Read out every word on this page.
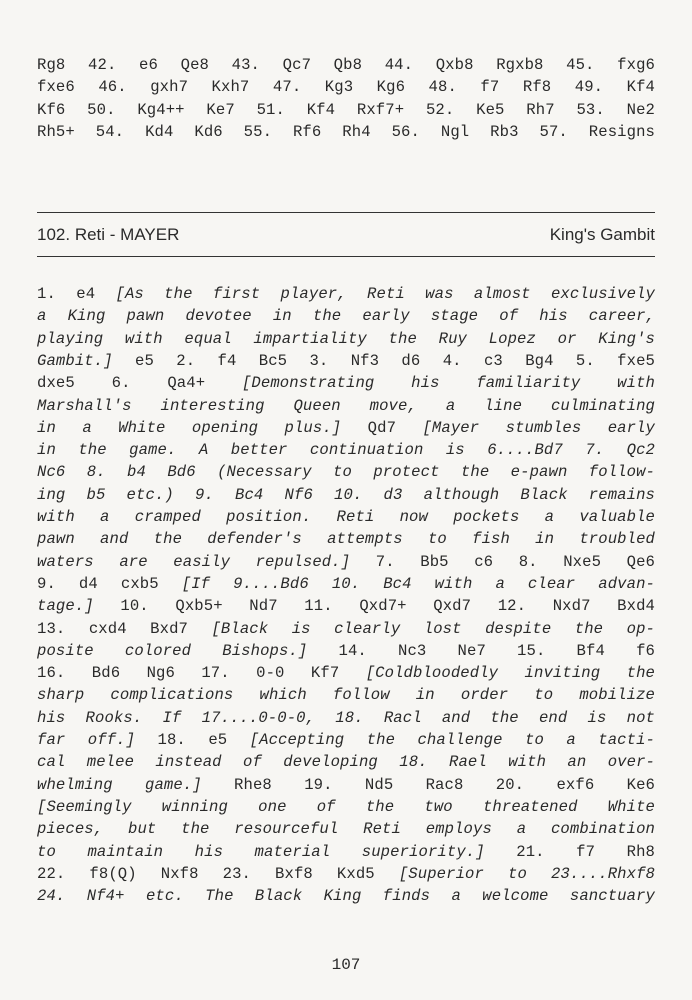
Rg8 42. e6 Qe8 43. Qc7 Qb8 44. Qxb8 Rgxb8 45. fxg6
fxe6 46. gxh7 Kxh7 47. Kg3 Kg6 48. f7 Rf8 49. Kf4
Kf6 50. Kg4++ Ke7 51. Kf4 Rxf7+ 52. Ke5 Rh7 53. Ne2
Rh5+ 54. Kd4 Kd6 55. Rf6 Rh4 56. Ngl Rb3 57. Resigns
102. Reti - MAYER	King's Gambit
1. e4 [As the first player, Reti was almost exclusively
a King pawn devotee in the early stage of his career,
playing with equal impartiality the Ruy Lopez or King's
Gambit.] e5 2. f4 Bc5 3. Nf3 d6 4. c3 Bg4 5. fxe5
dxe5 6. Qa4+ [Demonstrating his familiarity with
Marshall's interesting Queen move, a line culminating
in a White opening plus.] Qd7 [Mayer stumbles early
in the game. A better continuation is 6....Bd7 7. Qc2
Nc6 8. b4 Bd6 (Necessary to protect the e-pawn follow-
ing b5 etc.) 9. Bc4 Nf6 10. d3 although Black remains
with a cramped position. Reti now pockets a valuable
pawn and the defender's attempts to fish in troubled
waters are easily repulsed.] 7. Bb5 c6 8. Nxe5 Qe6
9. d4 cxb5 [If 9....Bd6 10. Bc4 with a clear advan-
tage.] 10. Qxb5+ Nd7 11. Qxd7+ Qxd7 12. Nxd7 Bxd4
13. cxd4 Bxd7 [Black is clearly lost despite the op-
posite colored Bishops.] 14. Nc3 Ne7 15. Bf4 f6
16. Bd6 Ng6 17. 0-0 Kf7 [Coldbloodedly inviting the
sharp complications which follow in order to mobilize
his Rooks. If 17....0-0-0, 18. Racl and the end is not
far off.] 18. e5 [Accepting the challenge to a tacti-
cal melee instead of developing 18. Rael with an over-
whelming game.] Rhe8 19. Nd5 Rac8 20. exf6 Ke6
[Seemingly winning one of the two threatened White
pieces, but the resourceful Reti employs a combination
to maintain his material superiority.] 21. f7 Rh8
22. f8(Q) Nxf8 23. Bxf8 Kxd5 [Superior to 23....Rhxf8
24. Nf4+ etc. The Black King finds a welcome sanctuary
107
